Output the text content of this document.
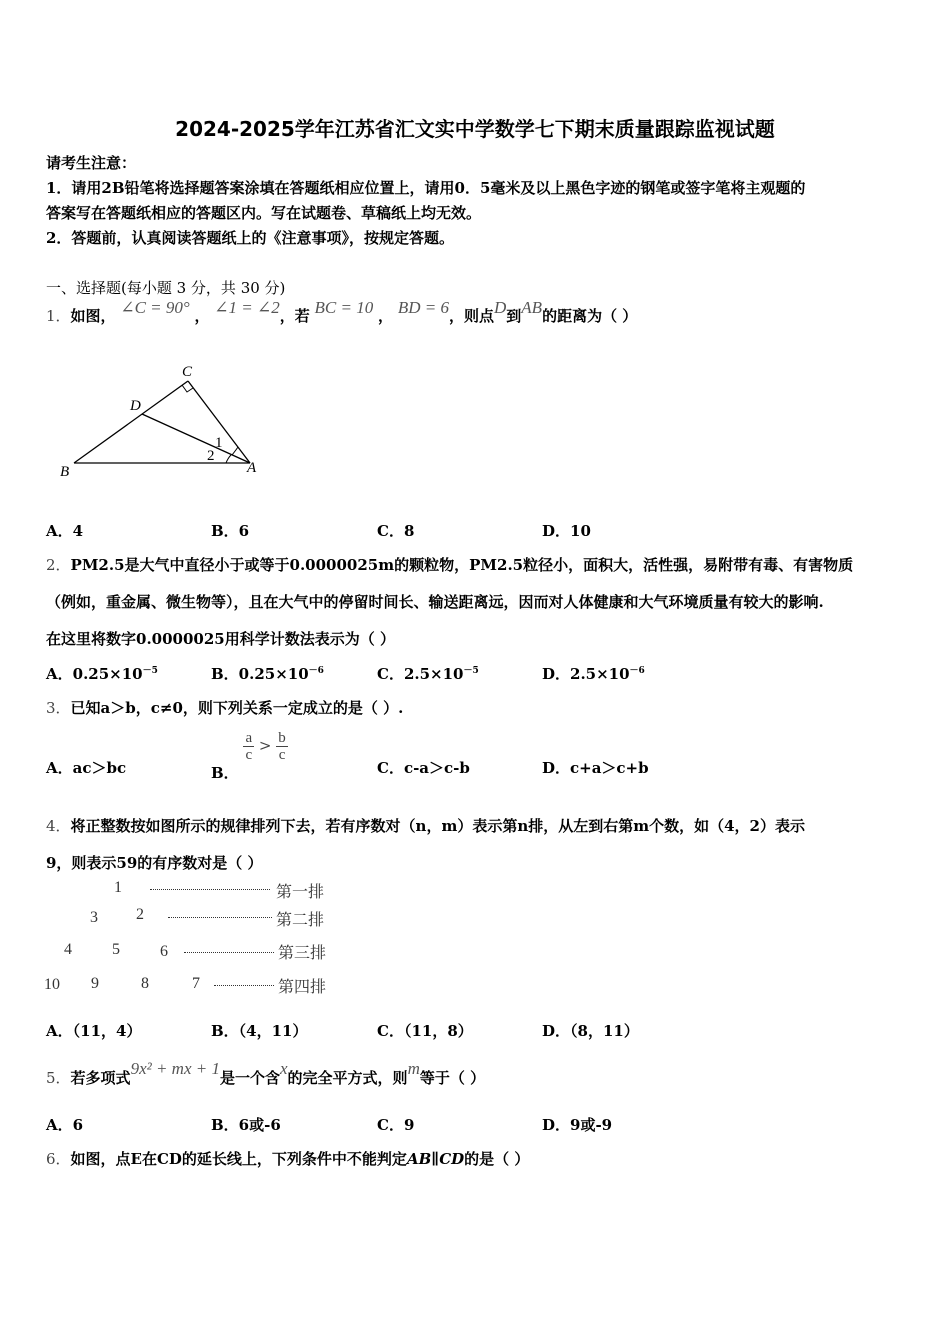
2024-2025学年江苏省汇文实中学数学七下期末质量跟踪监视试题
请考生注意：
1．请用2B铅笔将选择题答案涂填在答题纸相应位置上，请用0．5毫米及以上黑色字迹的钢笔或签字笔将主观题的
答案写在答题纸相应的答题区内。写在试题卷、草稿纸上均无效。
2．答题前，认真阅读答题纸上的《注意事项》，按规定答题。
一、选择题(每小题 3 分，共 30 分)
1．如图， ∠C = 90° ， ∠1 = ∠2，若 BC = 10 ， BD = 6，则点D到AB的距离为（ ）
C
D
B	A
1
2
A．4	B．6	C．8	D．10
2．PM2.5是大气中直径小于或等于0.0000025m的颗粒物，PM2.5粒径小，面积大，活性强，易附带有毒、有害物质
（例如，重金属、微生物等），且在大气中的停留时间长、输送距离远，因而对人体健康和大气环境质量有较大的影响.
在这里将数字0.0000025用科学计数法表示为（ ）
A．$0.25\times 10^{-5}$	B．$0.25\times 10^{-6}$	C．$2.5\times 10^{-5}$	D．$2.5\times 10^{-6}$
3．已知a＞b，c≠0，则下列关系一定成立的是（ ）.
A．ac＞bc	B．
$\frac{a}{c} > \frac{b}{c}$
C．c-a＞c-b	D．c+a＞c+b
4．将正整数按如图所示的规律排列下去，若有序数对（n，m）表示第n排，从左到右第m个数，如（4，2）表示
9，则表示59的有序数对是（ ）
1	第一排
3 2	第二排
4	5	6	第三排
10 9	8	7	第四排
A．（11，4）	B．（4，11）	C．（11，8）	D．（8，11）
5．若多项式9x² + mx + 1是一个含x的完全平方式，则m等于（ ）
A．6	B．6或-6	C．9	D．9或-9
6．如图，点E在CD的延长线上，下列条件中不能判定AB∥CD的是（ ）
